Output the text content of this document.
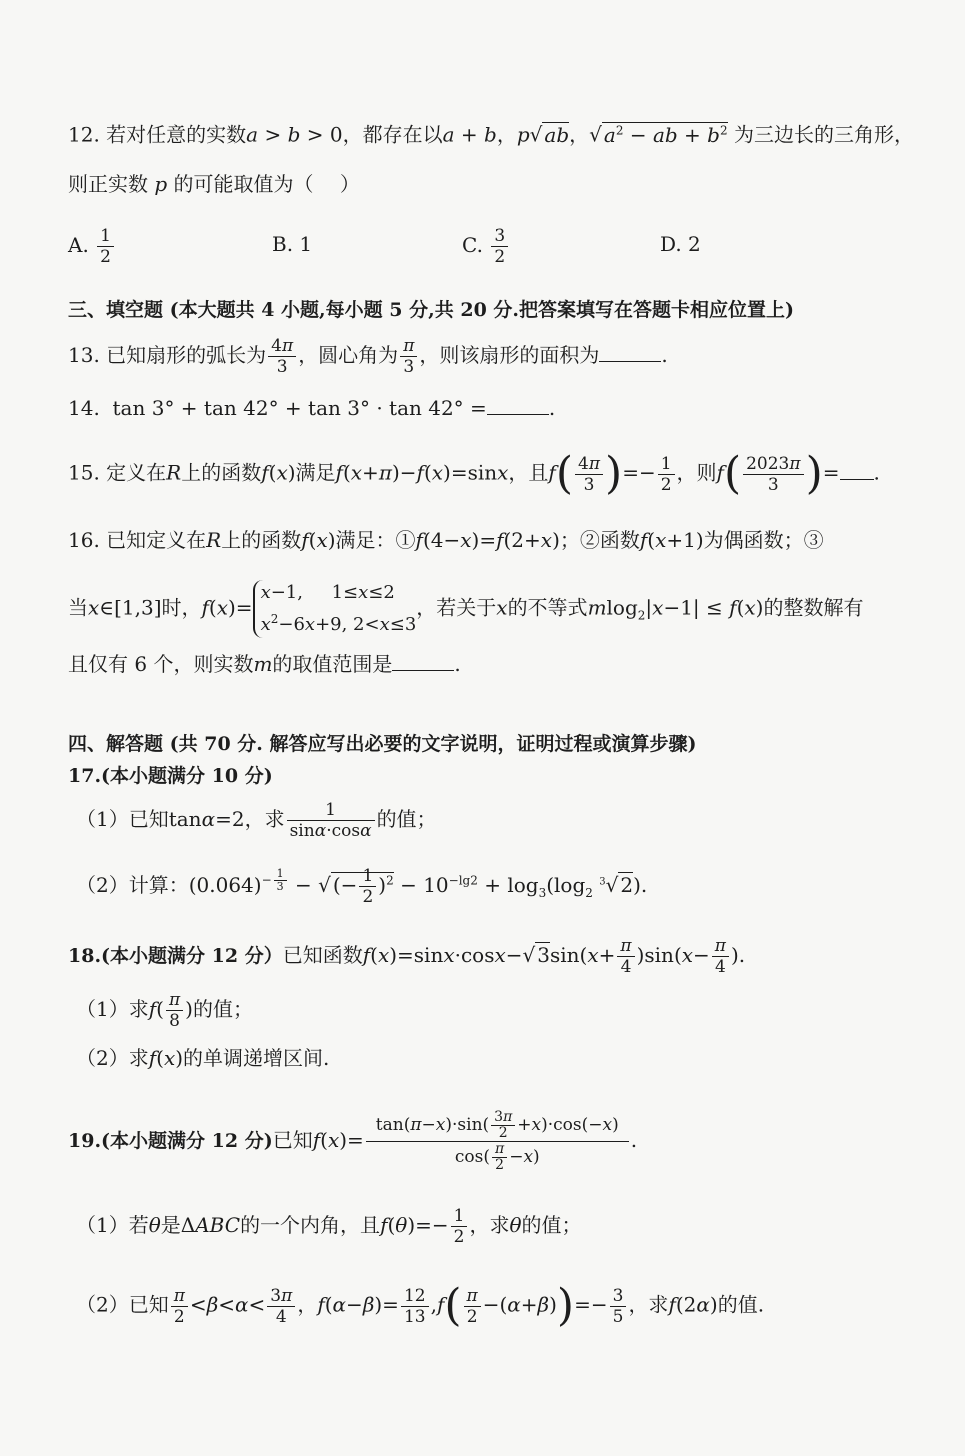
12. 若对任意的实数a > b > 0，都存在以a + b，p√ ab，√ $a^2$ − ab + $b^2$ 为三边长的三角形，
则正实数 p 的可能取值为（　 ）
A. $\frac{1}{2}$	B. 1	C. $\frac{3}{2}$	D. 2
三、填空题 (本大题共 4 小题,每小题 5 分,共 20 分.把答案填写在答题卡相应位置上)
13. 已知扇形的弧长为 $\frac{4\pi}{3}$ ，圆心角为 $\frac{\pi}{3}$ ，则该扇形的面积为	.
14.  tan 3° + tan 42° + tan 3° · tan 42° =	.
15. 定义在R上的函数f(x)满足f(x+π)−f(x)=sinx，且$f( \frac{4\pi}{3}$ )=− $\frac{1}{2}$ ，则$f( \frac{2023\pi}{3}$ )= .
16. 已知定义在R上的函数f(x)满足：①f(4−x)=f(2+x)；②函数f(x+1)为偶函数；③
当x∈[1,3]时，f(x)=x−1,     1≤x≤2
$x^2-6x+9$, 2<x≤3，若关于x的不等式mlog$_2$|x−1| ≤ f(x)的整数解有
且仅有 6 个，则实数m的取值范围是	.
四、解答题 (共 70 分. 解答应写出必要的文字说明，证明过程或演算步骤)
17.(本小题满分 10 分)
（1）已知tanα=2，求 $\frac{1}{\sin\alpha\cdot\cos\alpha}$ 的值；
（2）计算：$(0.064)^{- \frac{1}{3}}$ − √ (− $\frac{1}{2} )^2 - 10^{-lg2} + \log_3(\log_2$ $^3$√ 2).
18.(本小题满分 12 分）已知函数f(x)=sinx·cosx−√ $3\sin(x+ \frac{\pi}{4} )\sin(x- \frac{\pi}{4}$ ).
（1）求$f( \frac{\pi}{8}$ )的值；
（2）求f(x)的单调递增区间.
19.(本小题满分 12 分)已知$f(x)= \frac{\tan(\pi-x)\cdot\sin( \frac{3\pi}{2} +x)\cdot\cos(-x)}{\cos( \frac{\pi}{2} -x)}$ .
（1）若θ是ΔABC的一个内角，且$f(\theta)=- \frac{1}{2}$ ，求θ的值；
（2）已知 $\frac{\pi}{2} <\beta<\alpha< \frac{3\pi}{4}$ ，$f(\alpha-\beta)= \frac{12}{13} ,f( \frac{\pi}{2} -(\alpha+\beta))=- \frac{3}{5}$ ，求f(2α)的值.
